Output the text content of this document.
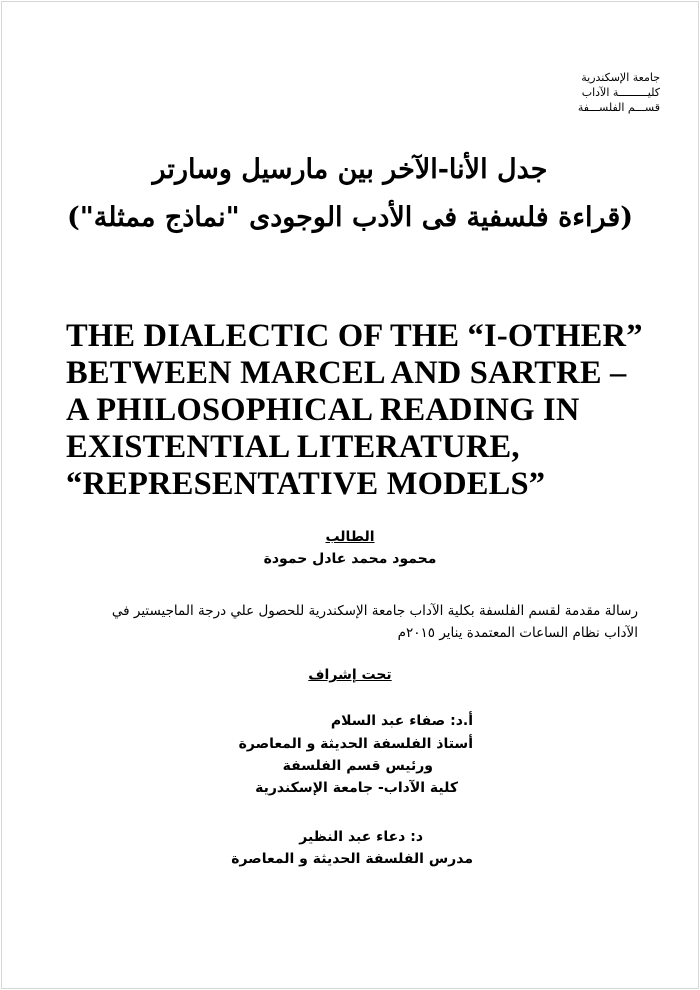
جامعة الإسكندرية
كليـــــــــة الآداب
قســـم الفلســـفة
جدل الأنا-الآخر بين مارسيل وسارتر
(قراءة فلسفية فى الأدب الوجودى "نماذج ممثلة")
THE DIALECTIC OF THE “I-OTHER”
BETWEEN MARCEL AND SARTRE –
A PHILOSOPHICAL READING IN
EXISTENTIAL LITERATURE,
“REPRESENTATIVE MODELS”
الطالب
محمود محمد عادل حمودة
رسالة مقدمة لقسم الفلسفة بكلية الآداب جامعة الإسكندرية للحصول علي درجة الماجيستير في
الآداب نظام الساعات المعتمدة يناير ٢٠١٥م
تحت إشراف
أ.د: صفاء عبد السلام
أستاذ الفلسفة الحديثة و المعاصرة
ورئيس قسم الفلسفة
كلية الآداب- جامعة الإسكندرية
د: دعاء عبد النظير
مدرس الفلسفة الحديثة و المعاصرة
